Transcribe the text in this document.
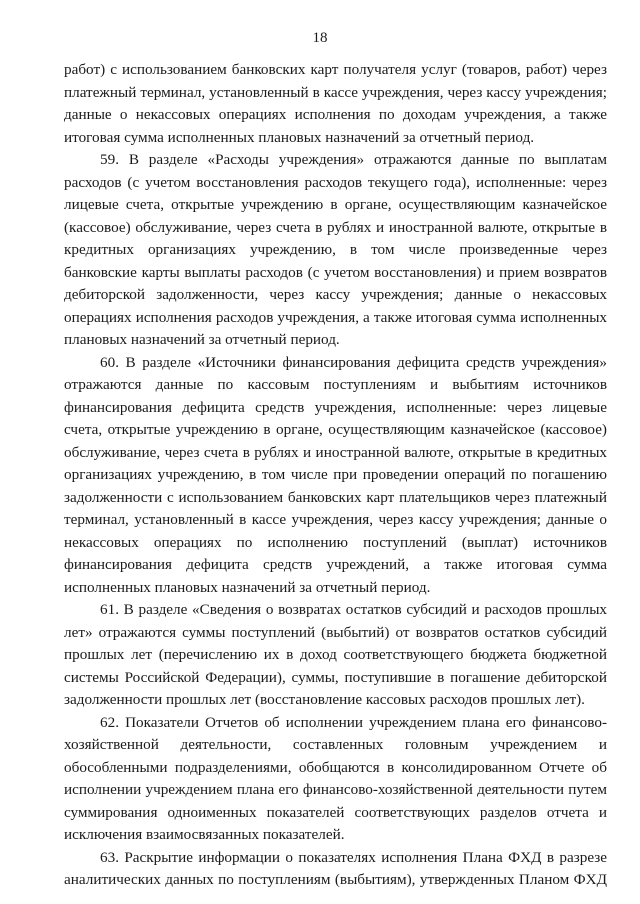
18

работ) с использованием банковских карт получателя услуг (товаров, работ) через платежный терминал, установленный в кассе учреждения, через кассу учреждения; данные о некассовых операциях исполнения по доходам учреждения, а также итоговая сумма исполненных плановых назначений за отчетный период.

59. В разделе «Расходы учреждения» отражаются данные по выплатам расходов (с учетом восстановления расходов текущего года), исполненные: через лицевые счета, открытые учреждению в органе, осуществляющим казначейское (кассовое) обслуживание, через счета в рублях и иностранной валюте, открытые в кредитных организациях учреждению, в том числе произведенные через банковские карты выплаты расходов (с учетом восстановления) и прием возвратов дебиторской задолженности, через кассу учреждения; данные о некассовых операциях исполнения расходов учреждения, а также итоговая сумма исполненных плановых назначений за отчетный период.

60. В разделе «Источники финансирования дефицита средств учреждения» отражаются данные по кассовым поступлениям и выбытиям источников финансирования дефицита средств учреждения, исполненные: через лицевые счета, открытые учреждению в органе, осуществляющим казначейское (кассовое) обслуживание, через счета в рублях и иностранной валюте, открытые в кредитных организациях учреждению, в том числе при проведении операций по погашению задолженности с использованием банковских карт плательщиков через платежный терминал, установленный в кассе учреждения, через кассу учреждения; данные о некассовых операциях по исполнению поступлений (выплат) источников финансирования дефицита средств учреждений, а также итоговая сумма исполненных плановых назначений за отчетный период.

61. В разделе «Сведения о возвратах остатков субсидий и расходов прошлых лет» отражаются суммы поступлений (выбытий) от возвратов остатков субсидий прошлых лет (перечислению их в доход соответствующего бюджета бюджетной системы Российской Федерации), суммы, поступившие в погашение дебиторской задолженности прошлых лет (восстановление кассовых расходов прошлых лет).

62. Показатели Отчетов об исполнении учреждением плана его финансово-хозяйственной деятельности, составленных головным учреждением и обособленными подразделениями, обобщаются в консолидированном Отчете об исполнении учреждением плана его финансово-хозяйственной деятельности путем суммирования одноименных показателей соответствующих разделов отчета и исключения взаимосвязанных показателей.

63. Раскрытие информации о показателях исполнения Плана ФХД в разрезе аналитических данных по поступлениям (выбытиям), утвержденных Планом ФХД
